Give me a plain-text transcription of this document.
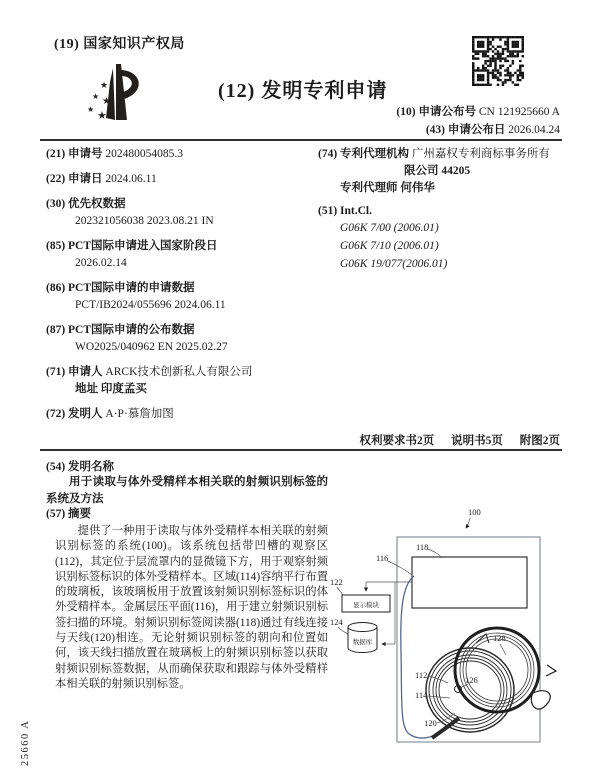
(19) 国家知识产权局
★
★ ★
★
★
(12) 发明专利申请
(10) 申请公布号 CN 121925660 A
(43) 申请公布日 2026.04.24
(21) 申请号 202480054085.3
(22) 申请日 2024.06.11
(30) 优先权数据
202321056038 2023.08.21 IN
(85) PCT国际申请进入国家阶段日
2026.02.14
(86) PCT国际申请的申请数据
PCT/IB2024/055696 2024.06.11
(87) PCT国际申请的公布数据
WO2025/040962 EN 2025.02.27
(71) 申请人 ARCK技术创新私人有限公司
地址 印度孟买
(72) 发明人 A·P·慕詹加图
(74) 专利代理机构 广州嘉权专利商标事务所有
限公司 44205
专利代理师 何伟华
(51) Int.Cl.
G06K 7/00 (2006.01)
G06K 7/10 (2006.01)
G06K 19/077(2006.01)
权利要求书2页 说明书5页 附图2页
(54) 发明名称
用于读取与体外受精样本相关联的射频识别标签的系统及方法
(57) 摘要
提供了一种用于读取与体外受精样本相关联的射频识别标签的系统(100)。该系统包括带凹槽的观察区(112)，其定位于层流罩内的显微镜下方，用于观察射频识别标签标识的体外受精样本。区域(114)容纳平行布置的玻璃板，该玻璃板用于放置该射频识别标签标识的体外受精样本。金属层压平面(116)，用于建立射频识别标签扫描的环境。射频识别标签阅读器(118)通过有线连接与天线(120)相连。无论射频识别标签的朝向和位置如何，该天线扫描放置在玻璃板上的射频识别标签以获取射频识别标签数据，从而确保获取和跟踪与体外受精样本相关联的射频识别标签。
100
118
116
显示模块
122
数据库
124
126
112
114
120
128
25660 A
